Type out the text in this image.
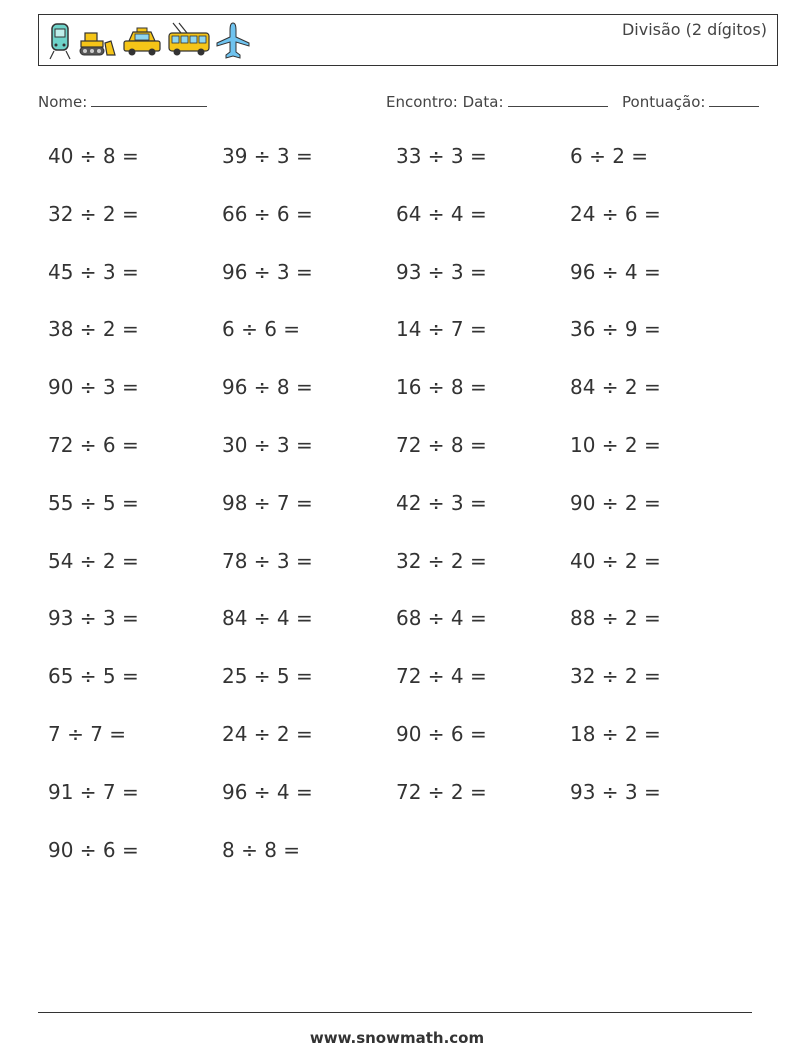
Divisão (2 dígitos)
Nome:	Encontro: Data:	Pontuação:
40 ÷ 8 =	39 ÷ 3 =	33 ÷ 3 =	6 ÷ 2 =
32 ÷ 2 =	66 ÷ 6 =	64 ÷ 4 =	24 ÷ 6 =
45 ÷ 3 =	96 ÷ 3 =	93 ÷ 3 =	96 ÷ 4 =
38 ÷ 2 =	6 ÷ 6 =	14 ÷ 7 =	36 ÷ 9 =
90 ÷ 3 =	96 ÷ 8 =	16 ÷ 8 =	84 ÷ 2 =
72 ÷ 6 =	30 ÷ 3 =	72 ÷ 8 =	10 ÷ 2 =
55 ÷ 5 =	98 ÷ 7 =	42 ÷ 3 =	90 ÷ 2 =
54 ÷ 2 =	78 ÷ 3 =	32 ÷ 2 =	40 ÷ 2 =
93 ÷ 3 =	84 ÷ 4 =	68 ÷ 4 =	88 ÷ 2 =
65 ÷ 5 =	25 ÷ 5 =	72 ÷ 4 =	32 ÷ 2 =
7 ÷ 7 =	24 ÷ 2 =	90 ÷ 6 =	18 ÷ 2 =
91 ÷ 7 =	96 ÷ 4 =	72 ÷ 2 =	93 ÷ 3 =
90 ÷ 6 =	8 ÷ 8 =
www.snowmath.com
